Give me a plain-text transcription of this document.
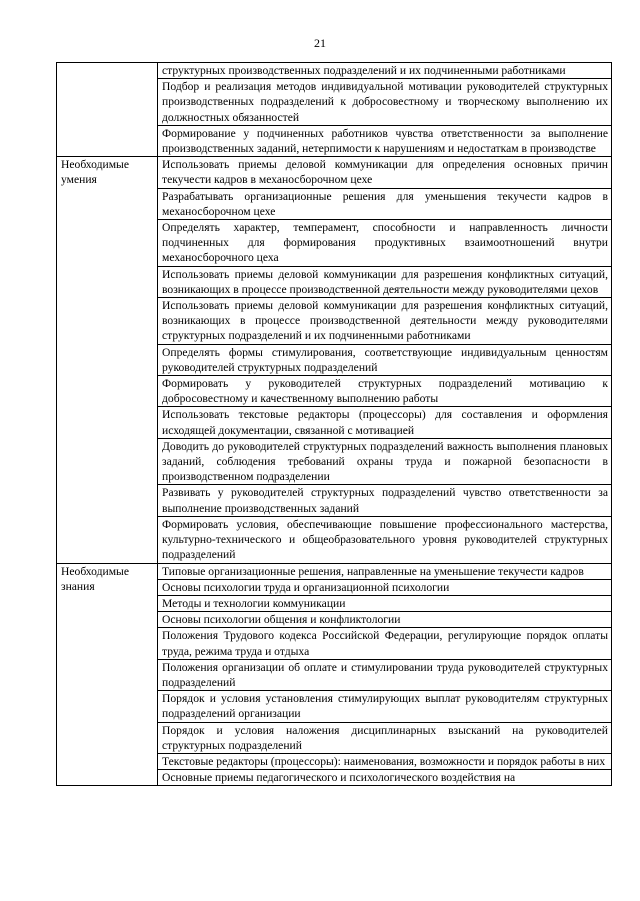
21
	структурных производственных подразделений и их подчиненными работниками
	Подбор и реализация методов индивидуальной мотивации руководителей структурных производственных подразделений к добросовестному и творческому выполнению их должностных обязанностей
	Формирование у подчиненных работников чувства ответственности за выполнение производственных заданий, нетерпимости к нарушениям и недостаткам в производстве
Необходимые умения	Использовать приемы деловой коммуникации для определения основных причин текучести кадров в механосборочном цехе
	Разрабатывать организационные решения для уменьшения текучести кадров в механосборочном цехе
	Определять характер, темперамент, способности и направленность личности подчиненных для формирования продуктивных взаимоотношений внутри механосборочного цеха
	Использовать приемы деловой коммуникации для разрешения конфликтных ситуаций, возникающих в процессе производственной деятельности между руководителями цехов
	Использовать приемы деловой коммуникации для разрешения конфликтных ситуаций, возникающих в процессе производственной деятельности между руководителями структурных подразделений и их подчиненными работниками
	Определять формы стимулирования, соответствующие индивидуальным ценностям руководителей структурных подразделений
	Формировать у руководителей структурных подразделений мотивацию к добросовестному и качественному выполнению работы
	Использовать текстовые редакторы (процессоры) для составления и оформления исходящей документации, связанной с мотивацией
	Доводить до руководителей структурных подразделений важность выполнения плановых заданий, соблюдения требований охраны труда и пожарной безопасности в производственном подразделении
	Развивать у руководителей структурных подразделений чувство ответственности за выполнение производственных заданий
	Формировать условия, обеспечивающие повышение профессионального мастерства, культурно-технического и общеобразовательного уровня руководителей структурных подразделений
Необходимые знания	Типовые организационные решения, направленные на уменьшение текучести кадров
	Основы психологии труда и организационной психологии
	Методы и технологии коммуникации
	Основы психологии общения и конфликтологии
	Положения Трудового кодекса Российской Федерации, регулирующие порядок оплаты труда, режима труда и отдыха
	Положения организации об оплате и стимулировании труда руководителей структурных подразделений
	Порядок и условия установления стимулирующих выплат руководителям структурных подразделений организации
	Порядок и условия наложения дисциплинарных взысканий на руководителей структурных подразделений
	Текстовые редакторы (процессоры): наименования, возможности и порядок работы в них
	Основные приемы педагогического и психологического воздействия на
